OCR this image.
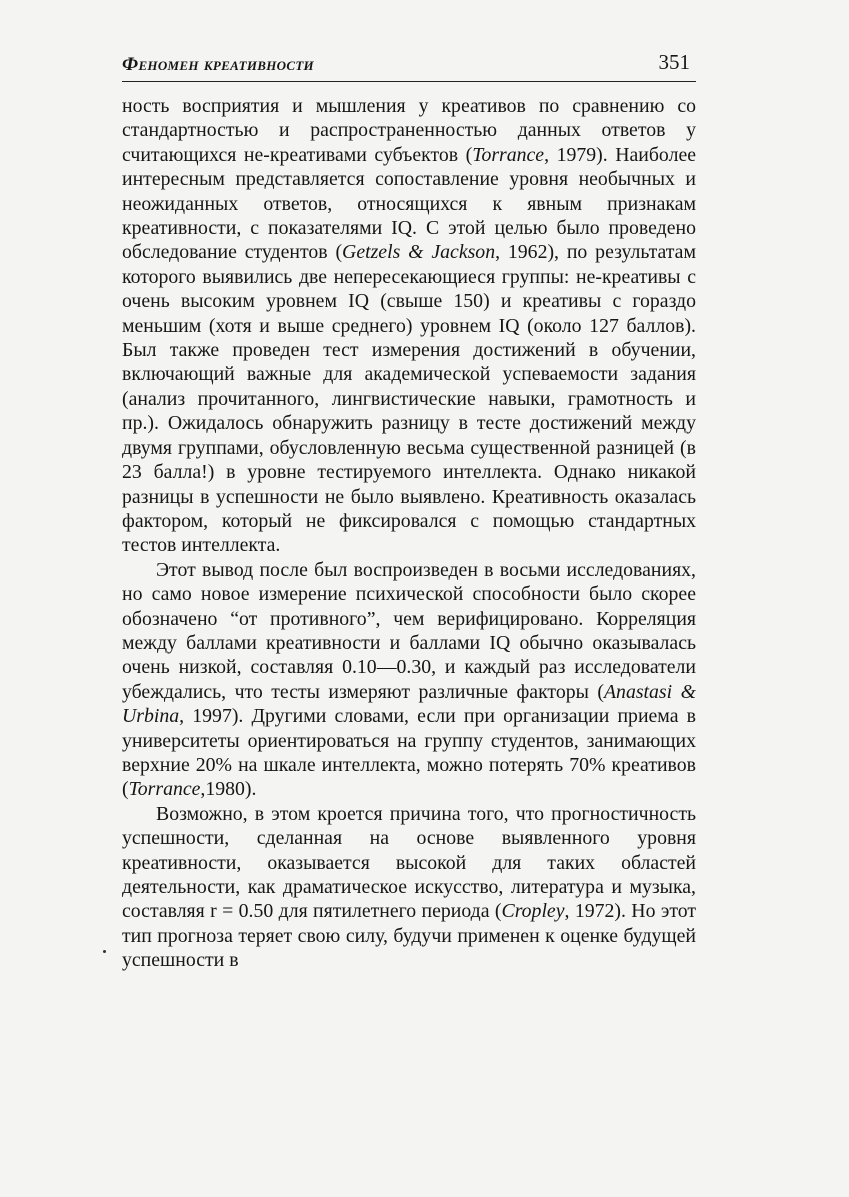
Феномен креативности	351

ность восприятия и мышления у креативов по сравнению со стандартностью и распространенностью данных ответов у считающихся не-креативами субъектов (Torrance, 1979). Наиболее интересным представляется сопоставление уровня необычных и неожиданных ответов, относящихся к явным признакам креативности, с показателями IQ. С этой целью было проведено обследование студентов (Getzels & Jackson, 1962), по результатам которого выявились две непересекающиеся группы: не-креативы с очень высоким уровнем IQ (свыше 150) и креативы с гораздо меньшим (хотя и выше среднего) уровнем IQ (около 127 баллов). Был также проведен тест измерения достижений в обучении, включающий важные для академической успеваемости задания (анализ прочитанного, лингвистические навыки, грамотность и пр.). Ожидалось обнаружить разницу в тесте достижений между двумя группами, обусловленную весьма существенной разницей (в 23 балла!) в уровне тестируемого интеллекта. Однако никакой разницы в успешности не было выявлено. Креативность оказалась фактором, который не фиксировался с помощью стандартных тестов интеллекта.

Этот вывод после был воспроизведен в восьми исследованиях, но само новое измерение психической способности было скорее обозначено “от противного”, чем верифицировано. Корреляция между баллами креативности и баллами IQ обычно оказывалась очень низкой, составляя 0.10—0.30, и каждый раз исследователи убеждались, что тесты измеряют различные факторы (Anastasi & Urbina, 1997). Другими словами, если при организации приема в университеты ориентироваться на группу студентов, занимающих верхние 20% на шкале интеллекта, можно потерять 70% креативов (Torrance,1980).

Возможно, в этом кроется причина того, что прогностичность успешности, сделанная на основе выявленного уровня креативности, оказывается высокой для таких областей деятельности, как драматическое искусство, литература и музыка, составляя r = 0.50 для пятилетнего периода (Cropley, 1972). Но этот тип прогноза теряет свою силу, будучи применен к оценке будущей успешности в
